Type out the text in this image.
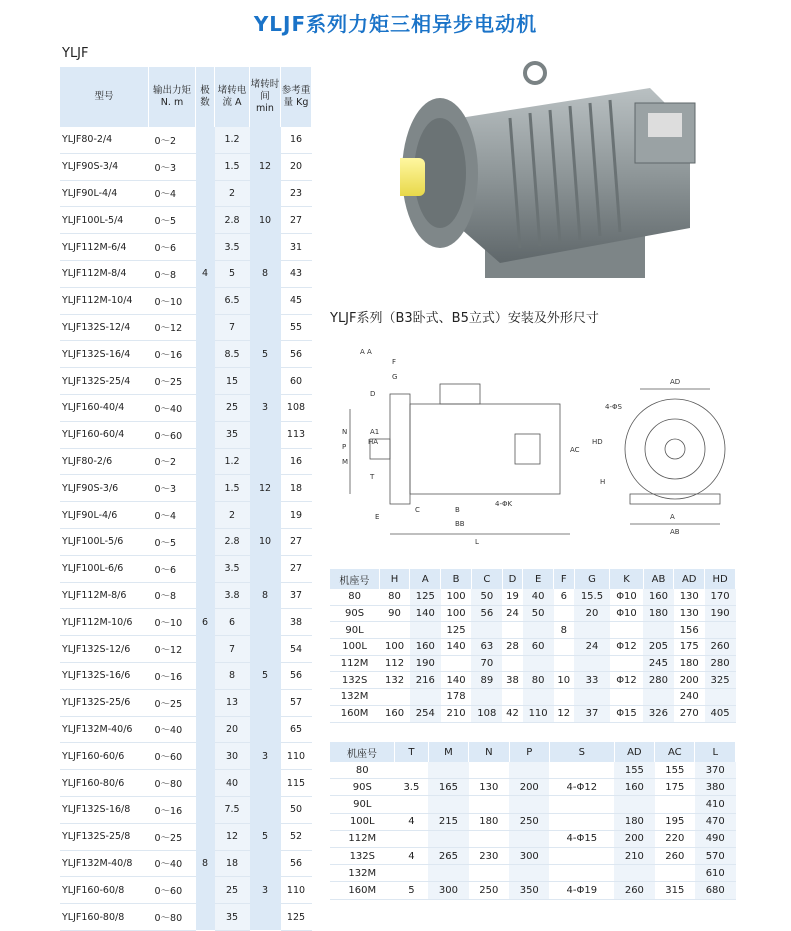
YLJF系列力矩三相异步电动机
YLJF
型号	输出力矩 N. m	极数	堵转电流 A	堵转时间 min	参考重量 Kg
YLJF80-2/4	0～2		1.2		16
YLJF90S-3/4	0～3		1.5	12	20
YLJF90L-4/4	0～4		2		23
YLJF100L-5/4	0～5		2.8	10	27
YLJF112M-6/4	0～6		3.5		31
YLJF112M-8/4	0～8	4	5	8	43
YLJF112M-10/4	0～10		6.5		45
YLJF132S-12/4	0～12		7		55
YLJF132S-16/4	0～16		8.5	5	56
YLJF132S-25/4	0～25		15		60
YLJF160-40/4	0～40		25	3	108
YLJF160-60/4	0～60		35		113
YLJF80-2/6	0～2		1.2		16
YLJF90S-3/6	0～3		1.5	12	18
YLJF90L-4/6	0～4		2		19
YLJF100L-5/6	0～5		2.8	10	27
YLJF100L-6/6	0～6		3.5		27
YLJF112M-8/6	0～8		3.8	8	37
YLJF112M-10/6	0～10	6	6		38
YLJF132S-12/6	0～12		7		54
YLJF132S-16/6	0～16		8	5	56
YLJF132S-25/6	0～25		13		57
YLJF132M-40/6	0～40		20		65
YLJF160-60/6	0～60		30	3	110
YLJF160-80/6	0～80		40		115
YLJF132S-16/8	0～16		7.5		50
YLJF132S-25/8	0～25		12	5	52
YLJF132M-40/8	0～40	8	18		56
YLJF160-60/8	0～60		25	3	110
YLJF160-80/8	0～80		35		125
YLJF系列（B3卧式、B5立式）安装及外形尺寸
A A
F
G
D
E
C	B
BB
L
4-ΦK
AC
HA
N
P
M
A1
T
H
AD
HD
4-ΦS
AB
A
机座号	H	A	B	C	D	E	F	G	K	AB	AD	HD
80	80	125	100	50	19	40	6	15.5	Φ10	160	130	170
90S	90	140	100	56	24	50		20	Φ10	180	130	190
90L			125				8				156	
100L	100	160	140	63	28	60		24	Φ12	205	175	260
112M	112	190		70						245	180	280
132S	132	216	140	89	38	80	10	33	Φ12	280	200	325
132M			178								240	
160M	160	254	210	108	42	110	12	37	Φ15	326	270	405
机座号	T	M	N	P	S	AD	AC	L
80						155	155	370
90S	3.5	165	130	200	4-Φ12	160	175	380
90L								410
100L	4	215	180	250		180	195	470
112M					4-Φ15	200	220	490
132S	4	265	230	300		210	260	570
132M								610
160M	5	300	250	350	4-Φ19	260	315	680
